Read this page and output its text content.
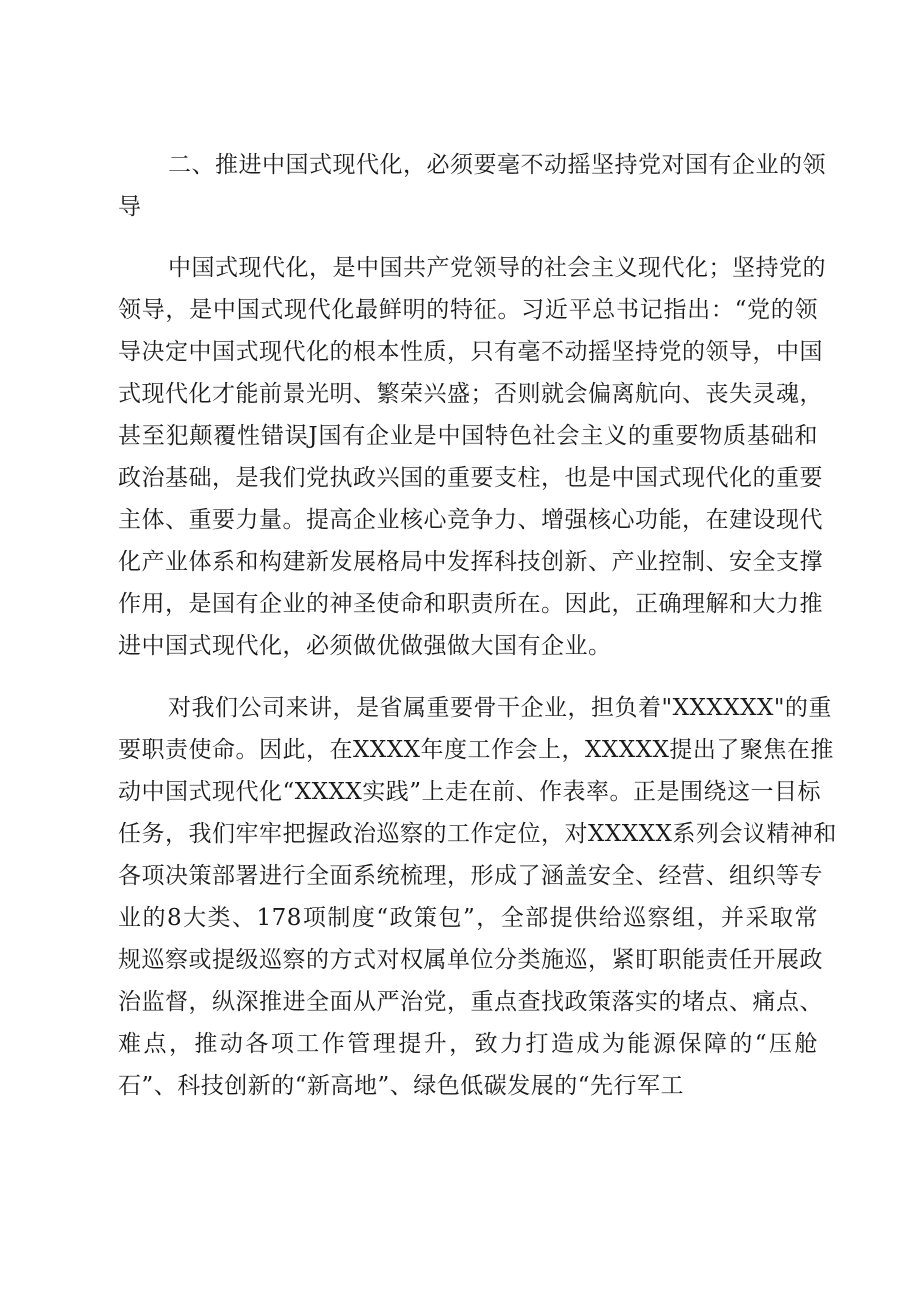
二、推进中国式现代化，必须要毫不动摇坚持党对国有企业的领
导
中国式现代化，是中国共产党领导的社会主义现代化；坚持党的
领导，是中国式现代化最鲜明的特征。习近平总书记指出：“党的领
导决定中国式现代化的根本性质，只有毫不动摇坚持党的领导，中国
式现代化才能前景光明、繁荣兴盛；否则就会偏离航向、丧失灵魂，
甚至犯颠覆性错误J国有企业是中国特色社会主义的重要物质基础和
政治基础，是我们党执政兴国的重要支柱，也是中国式现代化的重要
主体、重要力量。提高企业核心竞争力、增强核心功能，在建设现代
化产业体系和构建新发展格局中发挥科技创新、产业控制、安全支撑
作用，是国有企业的神圣使命和职责所在。因此，正确理解和大力推
进中国式现代化，必须做优做强做大国有企业。
对我们公司来讲，是省属重要骨干企业，担负着"XXXXXX"的重
要职责使命。因此，在XXXX年度工作会上，XXXXX提出了聚焦在推
动中国式现代化“XXXX实践”上走在前、作表率。正是围绕这一目标
任务，我们牢牢把握政治巡察的工作定位，对XXXXX系列会议精神和
各项决策部署进行全面系统梳理，形成了涵盖安全、经营、组织等专
业的8大类、178项制度“政策包”，全部提供给巡察组，并采取常
规巡察或提级巡察的方式对权属单位分类施巡，紧盯职能责任开展政
治监督，纵深推进全面从严治党，重点查找政策落实的堵点、痛点、
难点，推动各项工作管理提升，致力打造成为能源保障的“压舱
石”、科技创新的“新高地”、绿色低碳发展的“先行军工
